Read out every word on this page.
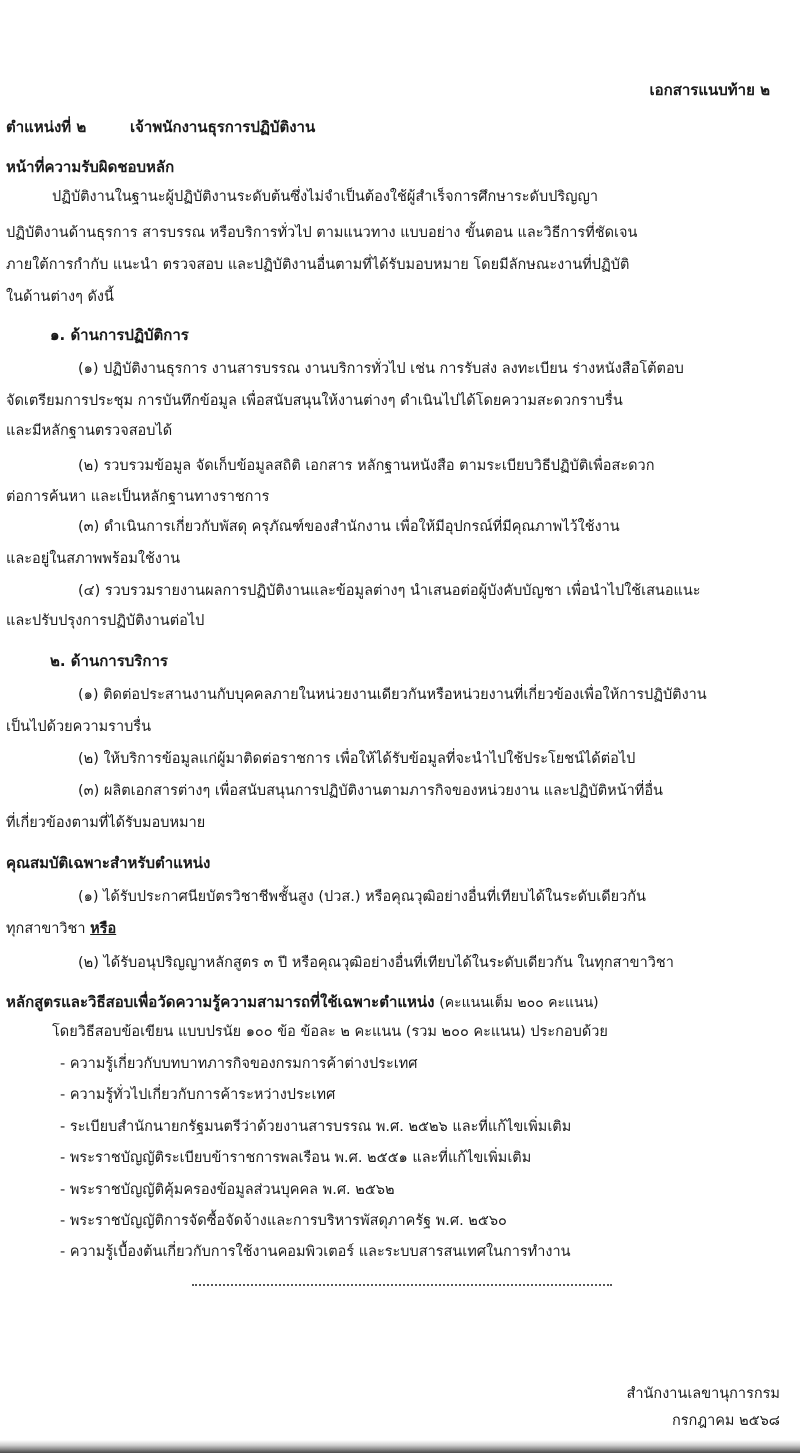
เอกสารแนบท้าย ๒
ตำแหน่งที่ ๒	เจ้าพนักงานธุรการปฏิบัติงาน
หน้าที่ความรับผิดชอบหลัก
ปฏิบัติงานในฐานะผู้ปฏิบัติงานระดับต้นซึ่งไม่จำเป็นต้องใช้ผู้สำเร็จการศึกษาระดับปริญญา
ปฏิบัติงานด้านธุรการ สารบรรณ หรือบริการทั่วไป ตามแนวทาง แบบอย่าง ขั้นตอน และวิธีการที่ชัดเจน
ภายใต้การกำกับ แนะนำ ตรวจสอบ และปฏิบัติงานอื่นตามที่ได้รับมอบหมาย โดยมีลักษณะงานที่ปฏิบัติ
ในด้านต่างๆ ดังนี้
๑. ด้านการปฏิบัติการ
(๑) ปฏิบัติงานธุรการ งานสารบรรณ งานบริการทั่วไป เช่น การรับส่ง ลงทะเบียน ร่างหนังสือโต้ตอบ
จัดเตรียมการประชุม การบันทึกข้อมูล เพื่อสนับสนุนให้งานต่างๆ ดำเนินไปได้โดยความสะดวกราบรื่น
และมีหลักฐานตรวจสอบได้
(๒) รวบรวมข้อมูล จัดเก็บข้อมูลสถิติ เอกสาร หลักฐานหนังสือ ตามระเบียบวิธีปฏิบัติเพื่อสะดวก
ต่อการค้นหา และเป็นหลักฐานทางราชการ
(๓) ดำเนินการเกี่ยวกับพัสดุ ครุภัณฑ์ของสำนักงาน เพื่อให้มีอุปกรณ์ที่มีคุณภาพไว้ใช้งาน
และอยู่ในสภาพพร้อมใช้งาน
(๔) รวบรวมรายงานผลการปฏิบัติงานและข้อมูลต่างๆ นำเสนอต่อผู้บังคับบัญชา เพื่อนำไปใช้เสนอแนะ
และปรับปรุงการปฏิบัติงานต่อไป
๒. ด้านการบริการ
(๑) ติดต่อประสานงานกับบุคคลภายในหน่วยงานเดียวกันหรือหน่วยงานที่เกี่ยวข้องเพื่อให้การปฏิบัติงาน
เป็นไปด้วยความราบรื่น
(๒) ให้บริการข้อมูลแก่ผู้มาติดต่อราชการ เพื่อให้ได้รับข้อมูลที่จะนำไปใช้ประโยชน์ได้ต่อไป
(๓) ผลิตเอกสารต่างๆ เพื่อสนับสนุนการปฏิบัติงานตามภารกิจของหน่วยงาน และปฏิบัติหน้าที่อื่น
ที่เกี่ยวข้องตามที่ได้รับมอบหมาย
คุณสมบัติเฉพาะสำหรับตำแหน่ง
(๑) ได้รับประกาศนียบัตรวิชาชีพชั้นสูง (ปวส.) หรือคุณวุฒิอย่างอื่นที่เทียบได้ในระดับเดียวกัน
ทุกสาขาวิชา หรือ
(๒) ได้รับอนุปริญญาหลักสูตร ๓ ปี หรือคุณวุฒิอย่างอื่นที่เทียบได้ในระดับเดียวกัน ในทุกสาขาวิชา
หลักสูตรและวิธีสอบเพื่อวัดความรู้ความสามารถที่ใช้เฉพาะตำแหน่ง (คะแนนเต็ม ๒๐๐ คะแนน)
โดยวิธีสอบข้อเขียน แบบปรนัย ๑๐๐ ข้อ ข้อละ ๒ คะแนน (รวม ๒๐๐ คะแนน) ประกอบด้วย
- ความรู้เกี่ยวกับบทบาทภารกิจของกรมการค้าต่างประเทศ
- ความรู้ทั่วไปเกี่ยวกับการค้าระหว่างประเทศ
- ระเบียบสำนักนายกรัฐมนตรีว่าด้วยงานสารบรรณ พ.ศ. ๒๕๒๖ และที่แก้ไขเพิ่มเติม
- พระราชบัญญัติระเบียบข้าราชการพลเรือน พ.ศ. ๒๕๕๑ และที่แก้ไขเพิ่มเติม
- พระราชบัญญัติคุ้มครองข้อมูลส่วนบุคคล พ.ศ. ๒๕๖๒
- พระราชบัญญัติการจัดซื้อจัดจ้างและการบริหารพัสดุภาครัฐ พ.ศ. ๒๕๖๐
- ความรู้เบื้องต้นเกี่ยวกับการใช้งานคอมพิวเตอร์ และระบบสารสนเทศในการทำงาน
สำนักงานเลขานุการกรม
กรกฎาคม ๒๕๖๘
